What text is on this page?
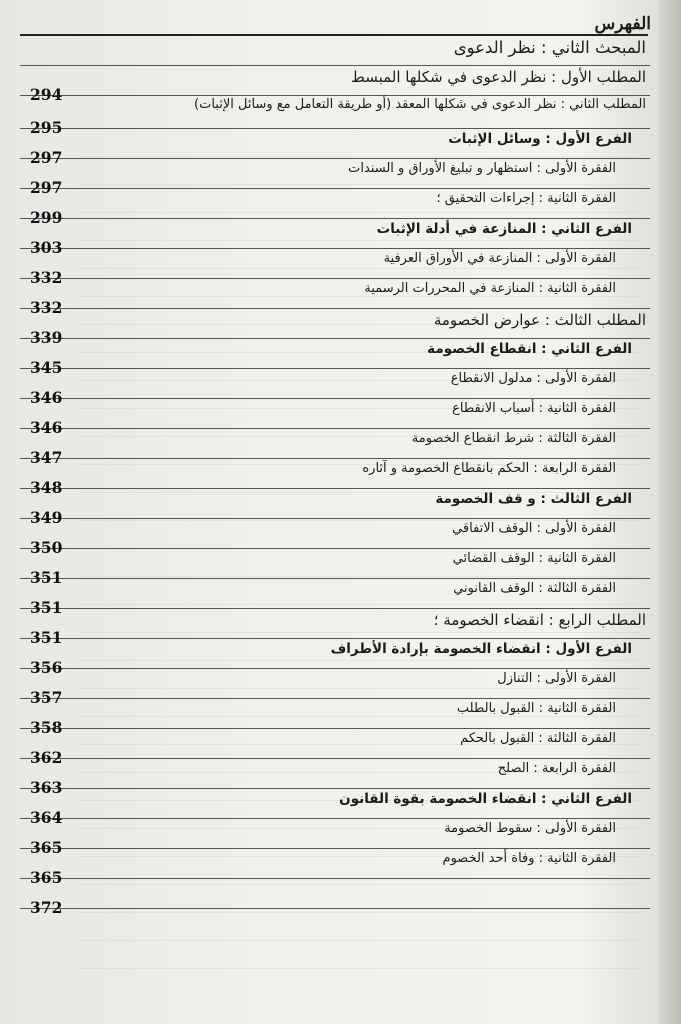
الفهرس
المبحث الثاني : نظر الدعوى
المطلب الأول : نظر الدعوى في شكلها المبسط
294
المطلب الثاني : نظر الدعوى في شكلها المعقد (أو طريقة التعامل مع وسائل الإثبات)
295
الفرع الأول : وسائل الإثبات
297
الفقرة الأولى : استظهار و تبليغ الأوراق و السندات
297
الفقرة الثانية : إجراءات التحقيق ؛
299
الفرع الثاني : المنازعة في أدلة الإثبات
303
الفقرة الأولى : المنازعة في الأوراق العرفية
332
الفقرة الثانية : المنازعة في المحررات الرسمية
332
المطلب الثالث : عوارض الخصومة
339
الفرع الثاني : انقطاع الخصومة
345
الفقرة الأولى : مدلول الانقطاع
346
الفقرة الثانية : أسباب الانقطاع
346
الفقرة الثالثة : شرط انقطاع الخصومة
347
الفقرة الرابعة : الحكم بانقطاع الخصومة و آثاره
348
الفرع الثالث : و قف الخصومة
349
الفقرة الأولى : الوقف الاتفاقي
350
الفقرة الثانية : الوقف القضائي
351
الفقرة الثالثة : الوقف القانوني
351
المطلب الرابع : انقضاء الخصومة ؛
351
الفرع الأول : انقضاء الخصومة بإرادة الأطراف
356
الفقرة الأولى : التنازل
357
الفقرة الثانية : القبول بالطلب
358
الفقرة الثالثة : القبول بالحكم
362
الفقرة الرابعة : الصلح
363
الفرع الثاني : انقضاء الخصومة بقوة القانون
364
الفقرة الأولى : سقوط الخصومة
365
الفقرة الثانية : وفاة أحد الخصوم
365
372
